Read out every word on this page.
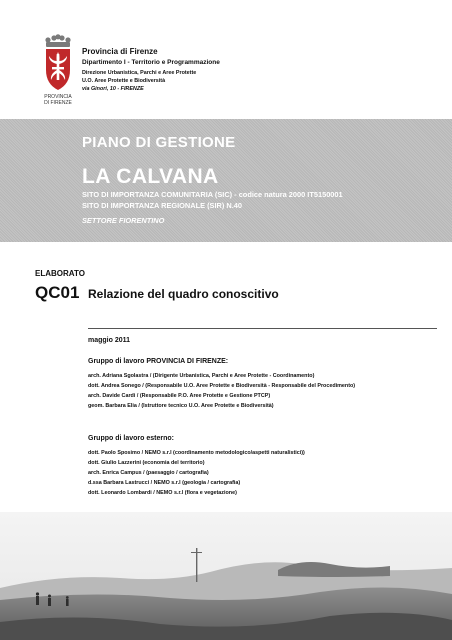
PROVINCIA
DI FIRENZE
Provincia di Firenze
Dipartimento I - Territorio e Programmazione
Direzione Urbanistica, Parchi e Aree Protette
U.O. Aree Protette e Biodiversità
via Ginori, 10 - FIRENZE
PIANO DI GESTIONE
LA CALVANA
SITO DI IMPORTANZA COMUNITARIA (SIC) - codice natura 2000 IT5150001
SITO DI IMPORTANZA REGIONALE (SIR) N.40
SETTORE FIORENTINO
ELABORATO
QC01 Relazione del quadro conoscitivo
maggio 2011
Gruppo di lavoro PROVINCIA DI FIRENZE:
arch. Adriana Sgolastra / (Dirigente Urbanistica, Parchi e Aree Protette - Coordinamento)
dott. Andrea Sonego / (Responsabile U.O. Aree Protette e Biodiversità - Responsabile del Procedimento)
arch. Davide Cardi / (Responsabile P.O. Aree Protette e Gestione PTCP)
geom. Barbara Elia / (Istruttore tecnico U.O. Aree Protette e Biodiversità)
Gruppo di lavoro esterno:
dott. Paolo Sposimo / NEMO s.r.l (coordinamento metodologico/aspetti naturalistici))
dott. Giulio Lazzerini (economia del territorio)
arch. Enrica Campus / (paesaggio / cartografia)
d.ssa Barbara Lastrucci / NEMO s.r.l (geologia / cartografia)
dott. Leonardo Lombardi / NEMO s.r.l (flora e vegetazione)
